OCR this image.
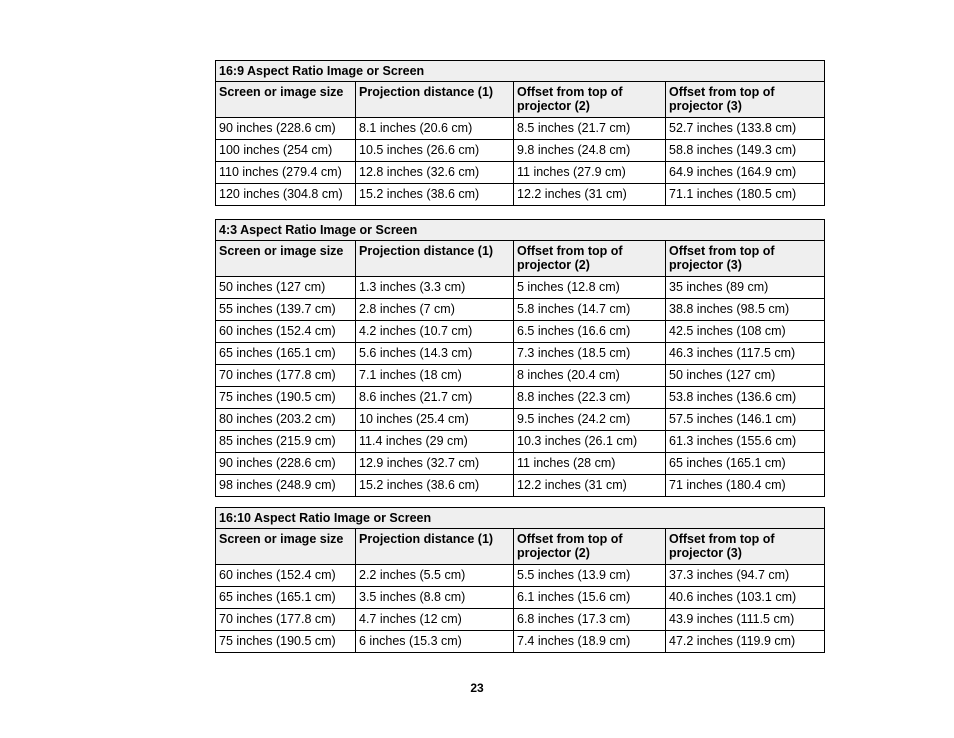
16:9 Aspect Ratio Image or Screen			
Screen or image size	Projection distance (1)	Offset from top of projector (2)	Offset from top of projector (3)
90 inches (228.6 cm)	8.1 inches (20.6 cm)	8.5 inches (21.7 cm)	52.7 inches (133.8 cm)
100 inches (254 cm)	10.5 inches (26.6 cm)	9.8 inches (24.8 cm)	58.8 inches (149.3 cm)
110 inches (279.4 cm)	12.8 inches (32.6 cm)	11 inches (27.9 cm)	64.9 inches (164.9 cm)
120 inches (304.8 cm)	15.2 inches (38.6 cm)	12.2 inches (31 cm)	71.1 inches (180.5 cm)
4:3 Aspect Ratio Image or Screen			
Screen or image size	Projection distance (1)	Offset from top of projector (2)	Offset from top of projector (3)
50 inches (127 cm)	1.3 inches (3.3 cm)	5 inches (12.8 cm)	35 inches (89 cm)
55 inches (139.7 cm)	2.8 inches (7 cm)	5.8 inches (14.7 cm)	38.8 inches (98.5 cm)
60 inches (152.4 cm)	4.2 inches (10.7 cm)	6.5 inches (16.6 cm)	42.5 inches (108 cm)
65 inches (165.1 cm)	5.6 inches (14.3 cm)	7.3 inches (18.5 cm)	46.3 inches (117.5 cm)
70 inches (177.8 cm)	7.1 inches (18 cm)	8 inches (20.4 cm)	50 inches (127 cm)
75 inches (190.5 cm)	8.6 inches (21.7 cm)	8.8 inches (22.3 cm)	53.8 inches (136.6 cm)
80 inches (203.2 cm)	10 inches (25.4 cm)	9.5 inches (24.2 cm)	57.5 inches (146.1 cm)
85 inches (215.9 cm)	11.4 inches (29 cm)	10.3 inches (26.1 cm)	61.3 inches (155.6 cm)
90 inches (228.6 cm)	12.9 inches (32.7 cm)	11 inches (28 cm)	65 inches (165.1 cm)
98 inches (248.9 cm)	15.2 inches (38.6 cm)	12.2 inches (31 cm)	71 inches (180.4 cm)
16:10 Aspect Ratio Image or Screen			
Screen or image size	Projection distance (1)	Offset from top of projector (2)	Offset from top of projector (3)
60 inches (152.4 cm)	2.2 inches (5.5 cm)	5.5 inches (13.9 cm)	37.3 inches (94.7 cm)
65 inches (165.1 cm)	3.5 inches (8.8 cm)	6.1 inches (15.6 cm)	40.6 inches (103.1 cm)
70 inches (177.8 cm)	4.7 inches (12 cm)	6.8 inches (17.3 cm)	43.9 inches (111.5 cm)
75 inches (190.5 cm)	6 inches (15.3 cm)	7.4 inches (18.9 cm)	47.2 inches (119.9 cm)
23
